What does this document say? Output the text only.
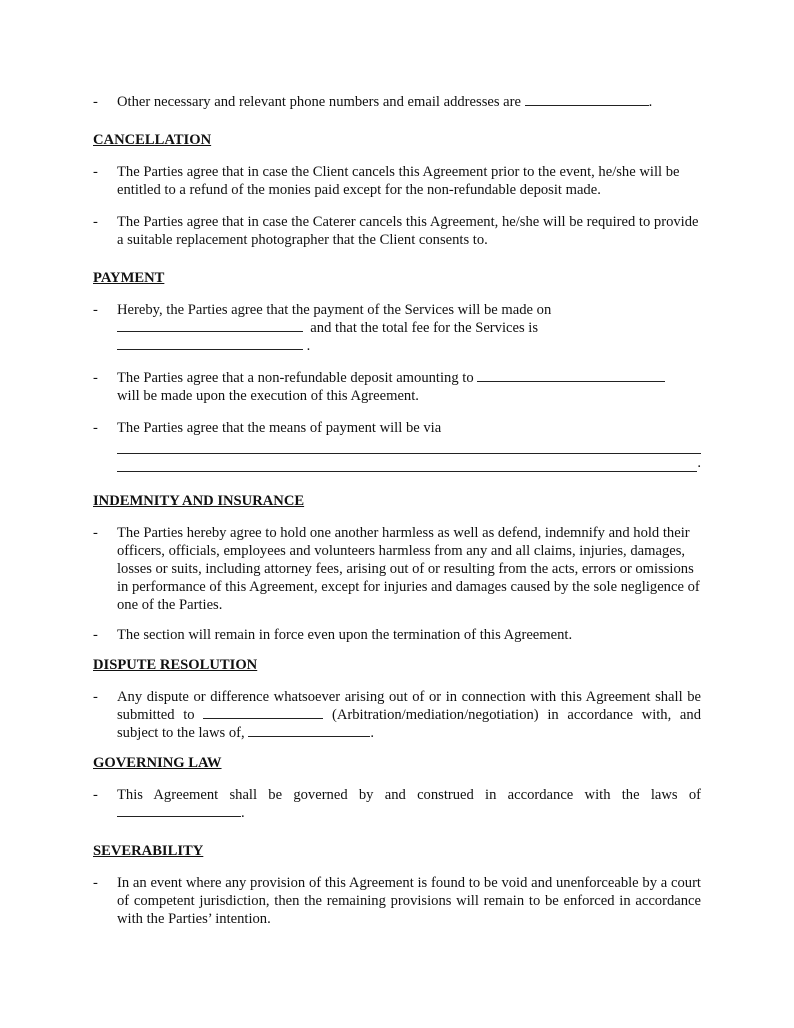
- Other necessary and relevant phone numbers and email addresses are	.

CANCELLATION

- The Parties agree that in case the Client cancels this Agreement prior to the event, he/she will be entitled to a refund of the monies paid except for the non-refundable deposit made.

- The Parties agree that in case the Caterer cancels this Agreement, he/she will be required to provide a suitable replacement photographer that the Client consents to.

PAYMENT

- Hereby, the Parties agree that the payment of the Services will be made on
and that the total fee for the Services is
.

- The Parties agree that a non-refundable deposit amounting to
will be made upon the execution of this Agreement.

- The Parties agree that the means of payment will be via
.

INDEMNITY AND INSURANCE

- The Parties hereby agree to hold one another harmless as well as defend, indemnify and hold their officers, officials, employees and volunteers harmless from any and all claims, injuries, damages, losses or suits, including attorney fees, arising out of or resulting from the acts, errors or omissions in performance of this Agreement, except for injuries and damages caused by the sole negligence of one of the Parties.

- The section will remain in force even upon the termination of this Agreement.

DISPUTE RESOLUTION

- Any dispute or difference whatsoever arising out of or in connection with this Agreement shall be submitted to	(Arbitration/mediation/negotiation) in accordance with, and subject to the laws of,	.

GOVERNING LAW

- This Agreement shall be governed by and construed in accordance with the laws of .

SEVERABILITY

- In an event where any provision of this Agreement is found to be void and unenforceable by a court of competent jurisdiction, then the remaining provisions will remain to be enforced in accordance with the Parties’ intention.
